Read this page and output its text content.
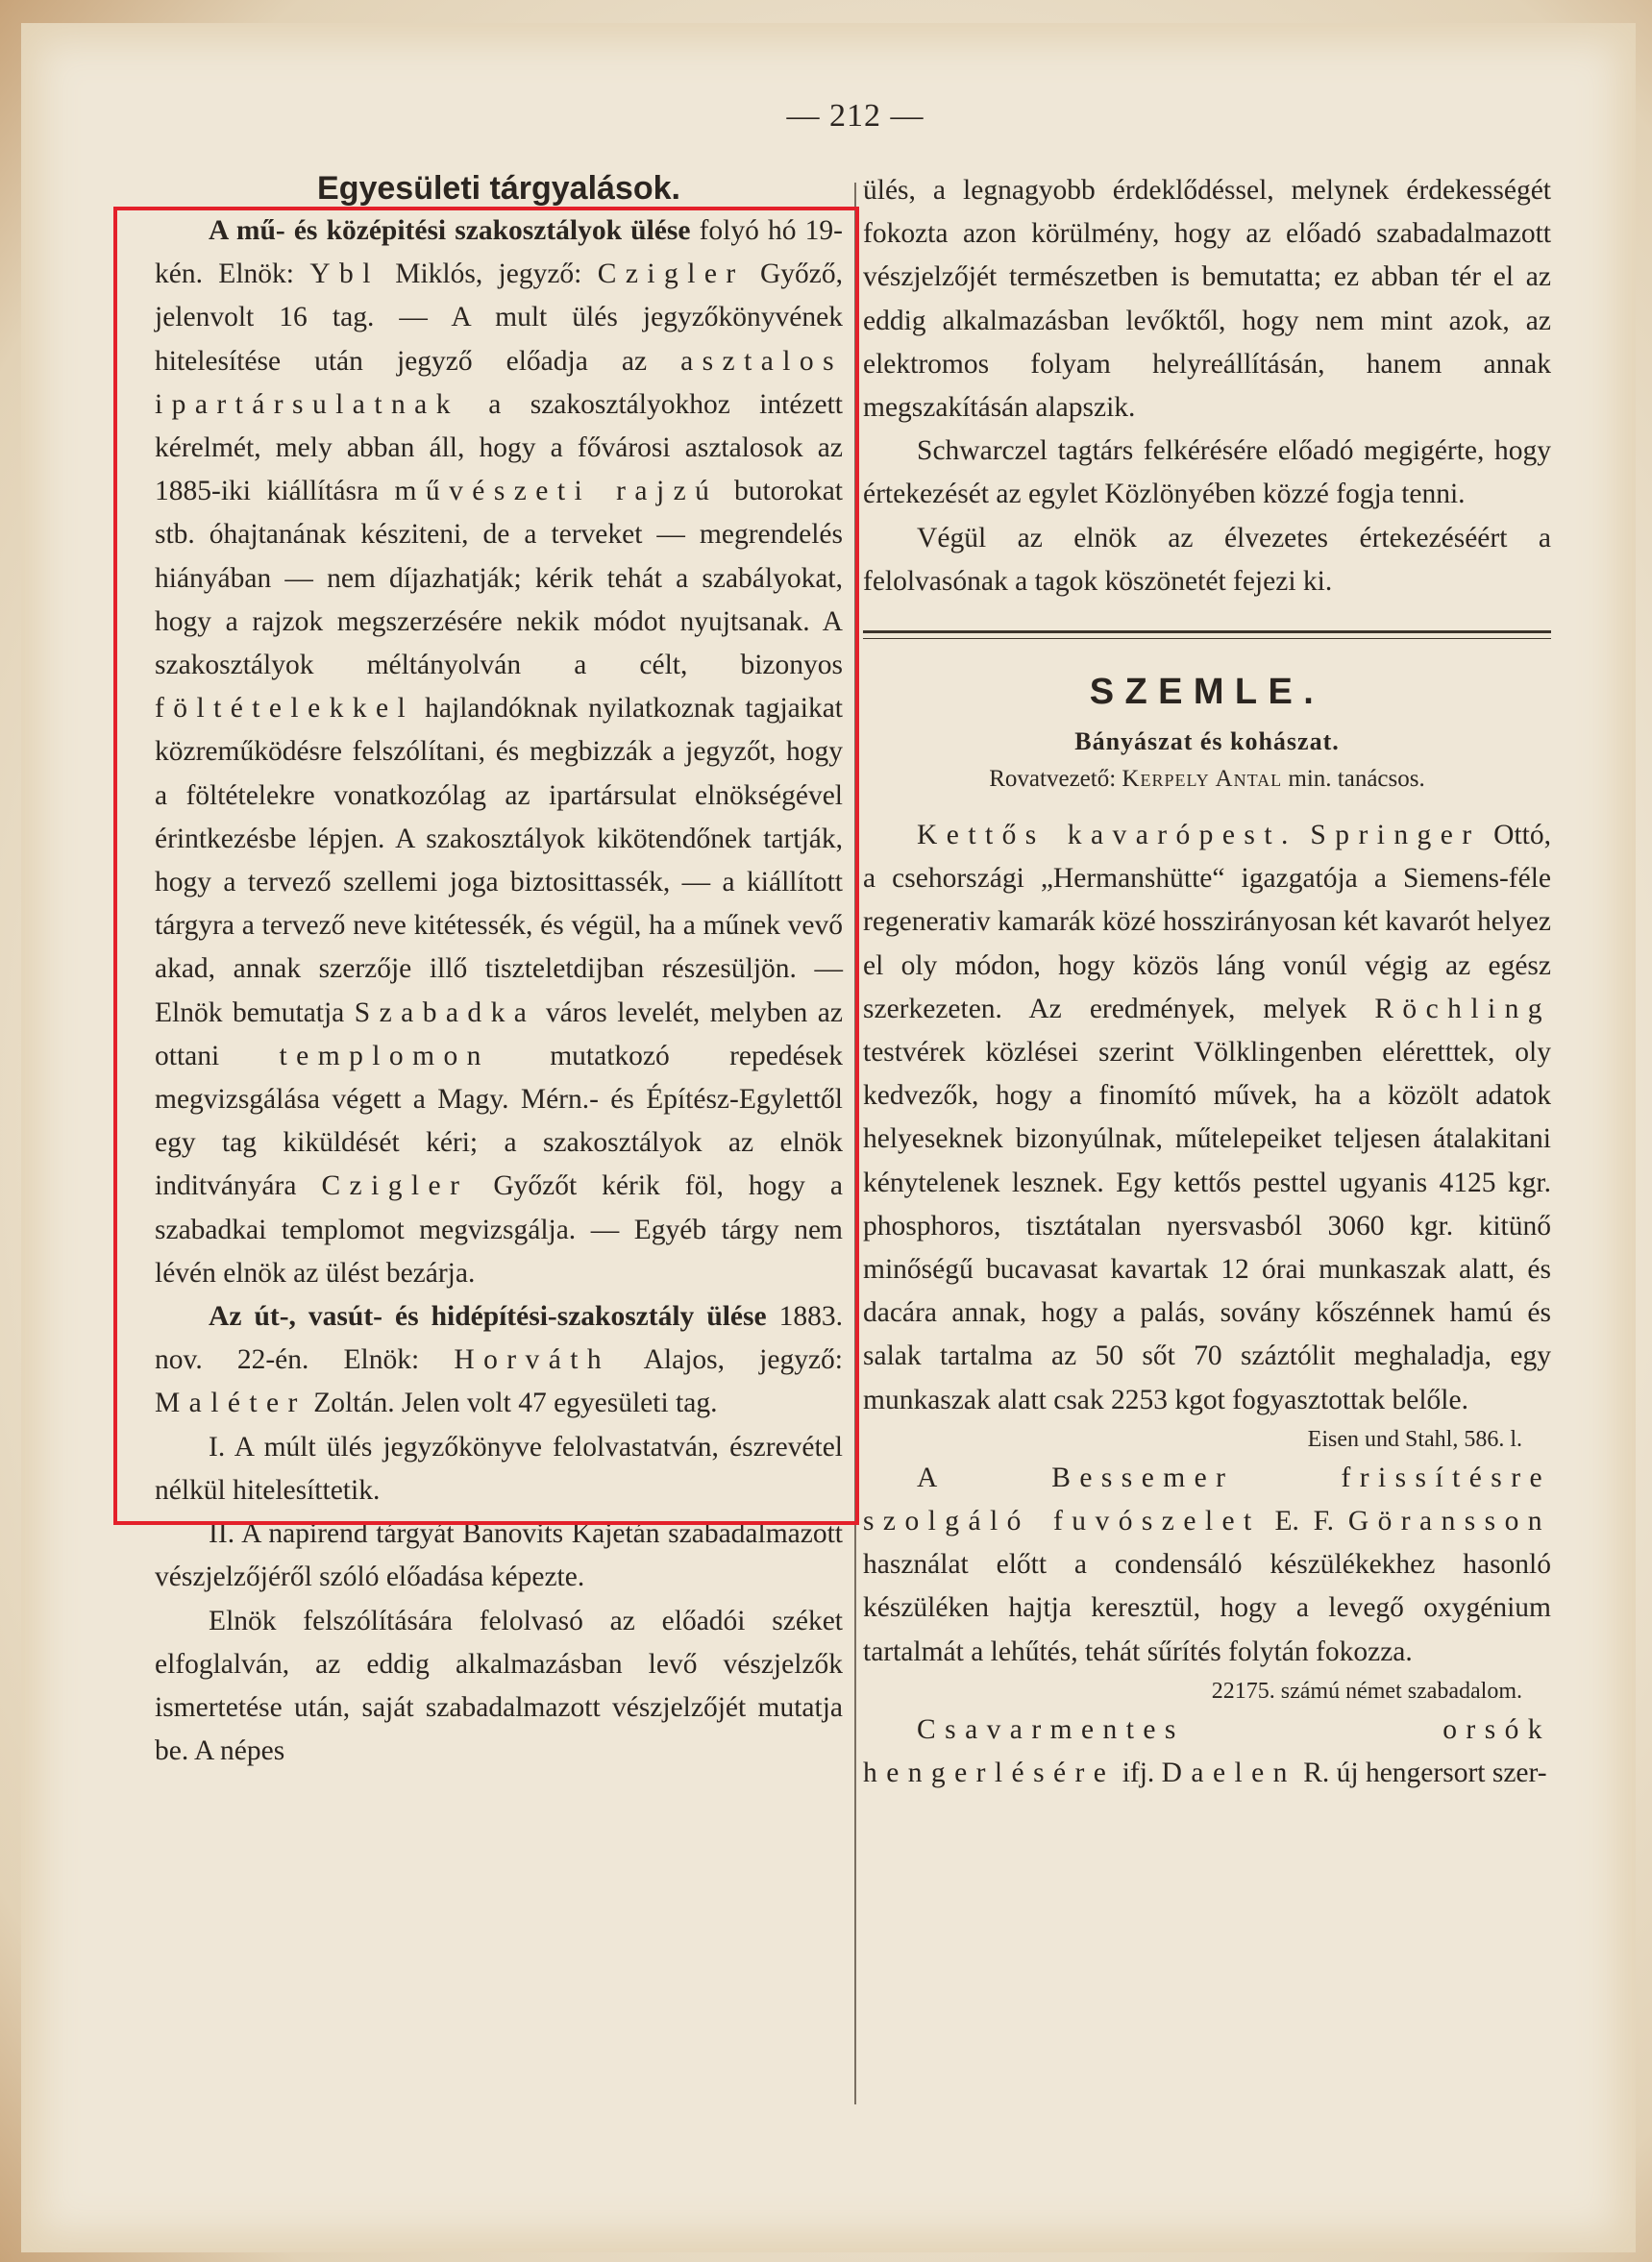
— 212 —
Egyesületi tárgyalások.

A mű- és középitési szakosztályok ülése folyó hó 19-kén. Elnök: Ybl Miklós, jegyző: Czigler Győző, jelenvolt 16 tag. — A mult ülés jegyzőkönyvének hitelesítése után jegyző előadja az asztalos ipartársulatnak a szakosztályokhoz intézett kérelmét, mely abban áll, hogy a fővárosi asztalosok az 1885-iki kiállításra művészeti rajzú butorokat stb. óhajtanának késziteni, de a terveket — megrendelés hiányában — nem díjazhatják; kérik tehát a szabályokat, hogy a rajzok megszerzésére nekik módot nyujtsanak. A szakosztályok méltányolván a célt, bizonyos föltételekkel hajlandóknak nyilatkoznak tagjaikat közreműködésre felszólítani, és megbizzák a jegyzőt, hogy a föltételekre vonatkozólag az ipartársulat elnökségével érintkezésbe lépjen. A szakosztályok kikötendőnek tartják, hogy a tervező szellemi joga biztosittassék, — a kiállított tárgyra a tervező neve kitétessék, és végül, ha a műnek vevő akad, annak szerzője illő tiszteletdijban részesüljön. — Elnök bemutatja Szabadka város levelét, melyben az ottani templomon mutatkozó repedések megvizsgálása végett a Magy. Mérn.- és Építész-Egylettől egy tag kiküldését kéri; a szakosztályok az elnök inditványára Czigler Győzőt kérik föl, hogy a szabadkai templomot megvizsgálja. — Egyéb tárgy nem lévén elnök az ülést bezárja.

Az út-, vasút- és hidépítési-szakosztály ülése 1883. nov. 22-én. Elnök: Horváth Alajos, jegyző: Maléter Zoltán. Jelen volt 47 egyesületi tag.

I. A múlt ülés jegyzőkönyve felolvastatván, észrevétel nélkül hitelesíttetik.

II. A napirend tárgyát Banovits Kajetán szabadalmazott vészjelzőjéről szóló előadása képezte.

Elnök felszólítására felolvasó az előadói széket elfoglalván, az eddig alkalmazásban levő vészjelzők ismertetése után, saját szabadalmazott vészjelzőjét mutatja be. A népes

ülés, a legnagyobb érdeklődéssel, melynek érdekességét fokozta azon körülmény, hogy az előadó szabadalmazott vészjelzőjét természetben is bemutatta; ez abban tér el az eddig alkalmazásban levőktől, hogy nem mint azok, az elektromos folyam helyreállításán, hanem annak megszakításán alapszik.

Schwarczel tagtárs felkérésére előadó megigérte, hogy értekezését az egylet Közlönyében közzé fogja tenni.

Végül az elnök az élvezetes értekezéséért a felolvasónak a tagok köszönetét fejezi ki.

SZEMLE.
Bányászat és kohászat.
Rovatvezető: Kerpely Antal min. tanácsos.

Kettős kavarópest. Springer Ottó, a csehországi „Hermanshütte“ igazgatója a Siemens-féle regenerativ kamarák közé hosszirányosan két kavarót helyez el oly módon, hogy közös láng vonúl végig az egész szerkezeten. Az eredmények, melyek Röchling testvérek közlései szerint Völklingenben eléretttek, oly kedvezők, hogy a finomító művek, ha a közölt adatok helyeseknek bizonyúlnak, műtelepeiket teljesen átalakitani kénytelenek lesznek. Egy kettős pesttel ugyanis 4125 kgr. phosphoros, tisztátalan nyersvasból 3060 kgr. kitünő minőségű bucavasat kavartak 12 órai munkaszak alatt, és dacára annak, hogy a palás, sovány kőszénnek hamú és salak tartalma az 50 sőt 70 száztólit meghaladja, egy munkaszak alatt csak 2253 kgot fogyasztottak belőle.

Eisen und Stahl, 586. l.

A Bessemer frissítésre szolgáló fuvószelet E. F. Göransson használat előtt a condensáló készülékekhez hasonló készüléken hajtja keresztül, hogy a levegő oxygénium tartalmát a lehűtés, tehát sűrítés folytán fokozza.

22175. számú német szabadalom.

Csavarmentes orsók hengerlésére ifj. Daelen R. új hengersort szer-
